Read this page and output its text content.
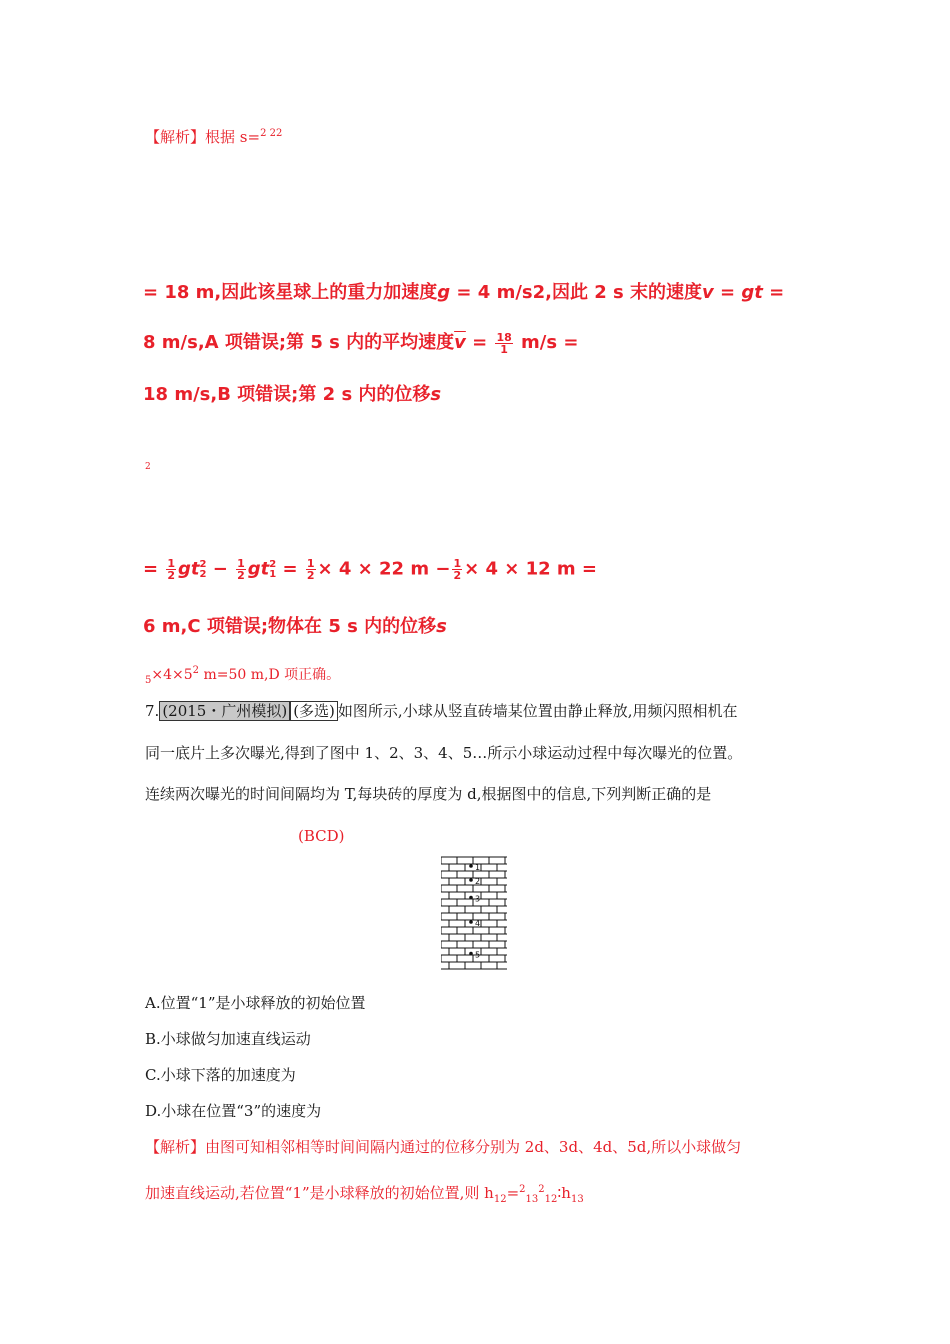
【解析】根据 s=$^{2 22}$
= 18 m,因此该星球上的重力加速度g = 4 m/s2,因此 2 s 末的速度v = gt =
8 m/s,A 项错误;第 5 s 内的平均速度$\overline{v} = \frac{18}{1} m/s$ =
18 m/s,B 项错误;第 2 s 内的位移s
2
= $\frac{1}{2}$ gt 2
$2 - \frac{1}{2}$ gt 2
$1 = \frac{1}{2} \times 4 \times 22$ $m - \frac{1}{2} \times 4 \times 12$ m =
6 m,C 项错误;物体在 5 s 内的位移s
$_5\times 4\times 5^2$ m=50 m,D 项正确。
7. (2015・广州模拟) (多选) 如图所示,小球从竖直砖墙某位置由静止释放,用频闪照相机在
同一底片上多次曝光,得到了图中 1、2、3、4、5…所示小球运动过程中每次曝光的位置。
连续两次曝光的时间间隔均为 T,每块砖的厚度为 d,根据图中的信息,下列判断正确的是
(BCD)
1
2
3
4
5
A.位置“1”是小球释放的初始位置
B.小球做匀加速直线运动
C.小球下落的加速度为
D.小球在位置“3”的速度为
【解析】由图可知相邻相等时间间隔内通过的位移分别为 2d、3d、4d、5d,所以小球做匀
加速直线运动,若位置“1”是小球释放的初始位置,则 $h_{12}=^2_{13}^2_{12}∶h_{13}$
